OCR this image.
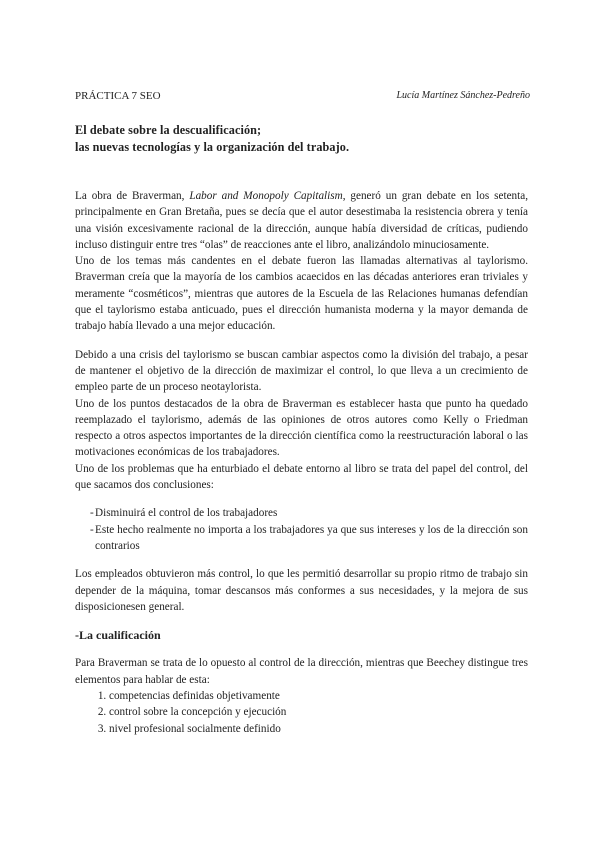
PRÁCTICA 7 SEO	Lucía Martínez Sánchez-Pedreño
El debate sobre la descualificación;
las nuevas tecnologías y la organización del trabajo.

La obra de Braverman, Labor and Monopoly Capitalism, generó un gran debate en los setenta, principalmente en Gran Bretaña, pues se decía que el autor desestimaba la resistencia obrera y tenía una visión excesivamente racional de la dirección, aunque había diversidad de críticas, pudiendo incluso distinguir entre tres “olas” de reacciones ante el libro, analizándolo minuciosamente.

Uno de los temas más candentes en el debate fueron las llamadas alternativas al taylorismo. Braverman creía que la mayoría de los cambios acaecidos en las décadas anteriores eran triviales y meramente “cosméticos”, mientras que autores de la Escuela de las Relaciones humanas defendían que el taylorismo estaba anticuado, pues el dirección humanista moderna y la mayor demanda de trabajo había llevado a una mejor educación.

Debido a una crisis del taylorismo se buscan cambiar aspectos como la división del trabajo, a pesar de mantener el objetivo de la dirección de maximizar el control, lo que lleva a un crecimiento de empleo parte de un proceso neotaylorista.

Uno de los puntos destacados de la obra de Braverman es establecer hasta que punto ha quedado reemplazado el taylorismo, además de las opiniones de otros autores como Kelly o Friedman respecto a otros aspectos importantes de la dirección científica como la reestructuración laboral o las motivaciones económicas de los trabajadores.

Uno de los problemas que ha enturbiado el debate entorno al libro se trata del papel del control, del que sacamos dos conclusiones:

- Disminuirá el control de los trabajadores
- Este hecho realmente no importa a los trabajadores ya que sus intereses y los de la dirección son contrarios

Los empleados obtuvieron más control, lo que les permitió desarrollar su propio ritmo de trabajo sin depender de la máquina, tomar descansos más conformes a sus necesidades, y la mejora de sus disposicionesen general.

-La cualificación

Para Braverman se trata de lo opuesto al control de la dirección, mientras que Beechey distingue tres elementos para hablar de esta:

1. competencias definidas objetivamente
2. control sobre la concepción y ejecución
3. nivel profesional socialmente definido
